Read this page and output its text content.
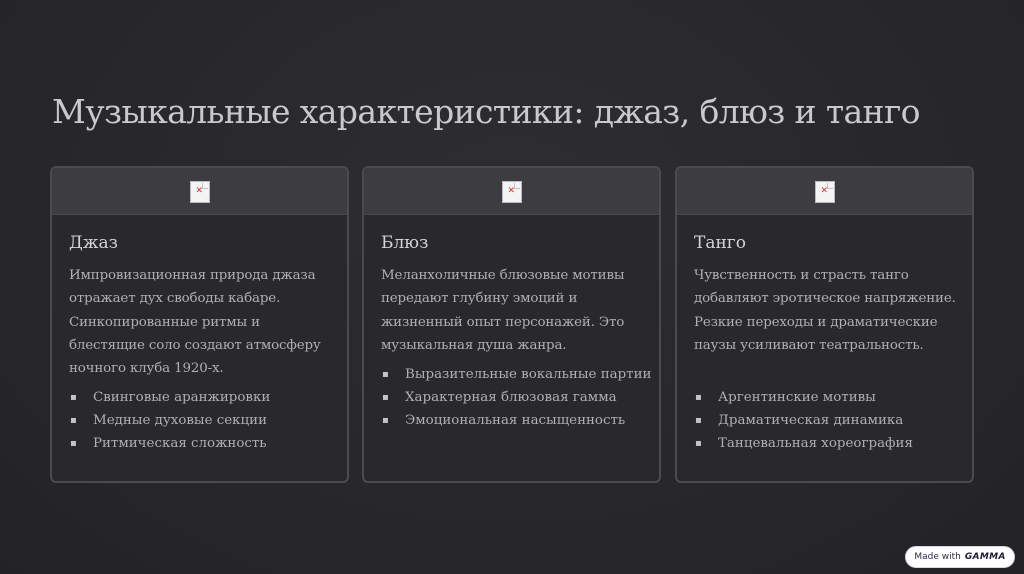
Музыкальные характеристики: джаз, блюз и танго
✕
Джаз

Импровизационная природа джаза отражает дух свободы кабаре. Синкопированные ритмы и блестящие соло создают атмосферу ночного клуба 1920-х.

▪ Свинговые аранжировки
▪ Медные духовые секции
▪ Ритмическая сложность
✕
Блюз

Меланхоличные блюзовые мотивы передают глубину эмоций и жизненный опыт персонажей. Это музыкальная душа жанра.

▪ Выразительные вокальные партии
▪ Характерная блюзовая гамма
▪ Эмоциональная насыщенность
✕
Танго

Чувственность и страсть танго добавляют эротическое напряжение. Резкие переходы и драматические паузы усиливают театральность.

▪ Аргентинские мотивы
▪ Драматическая динамика
▪ Танцевальная хореография
Made with GAMMA
